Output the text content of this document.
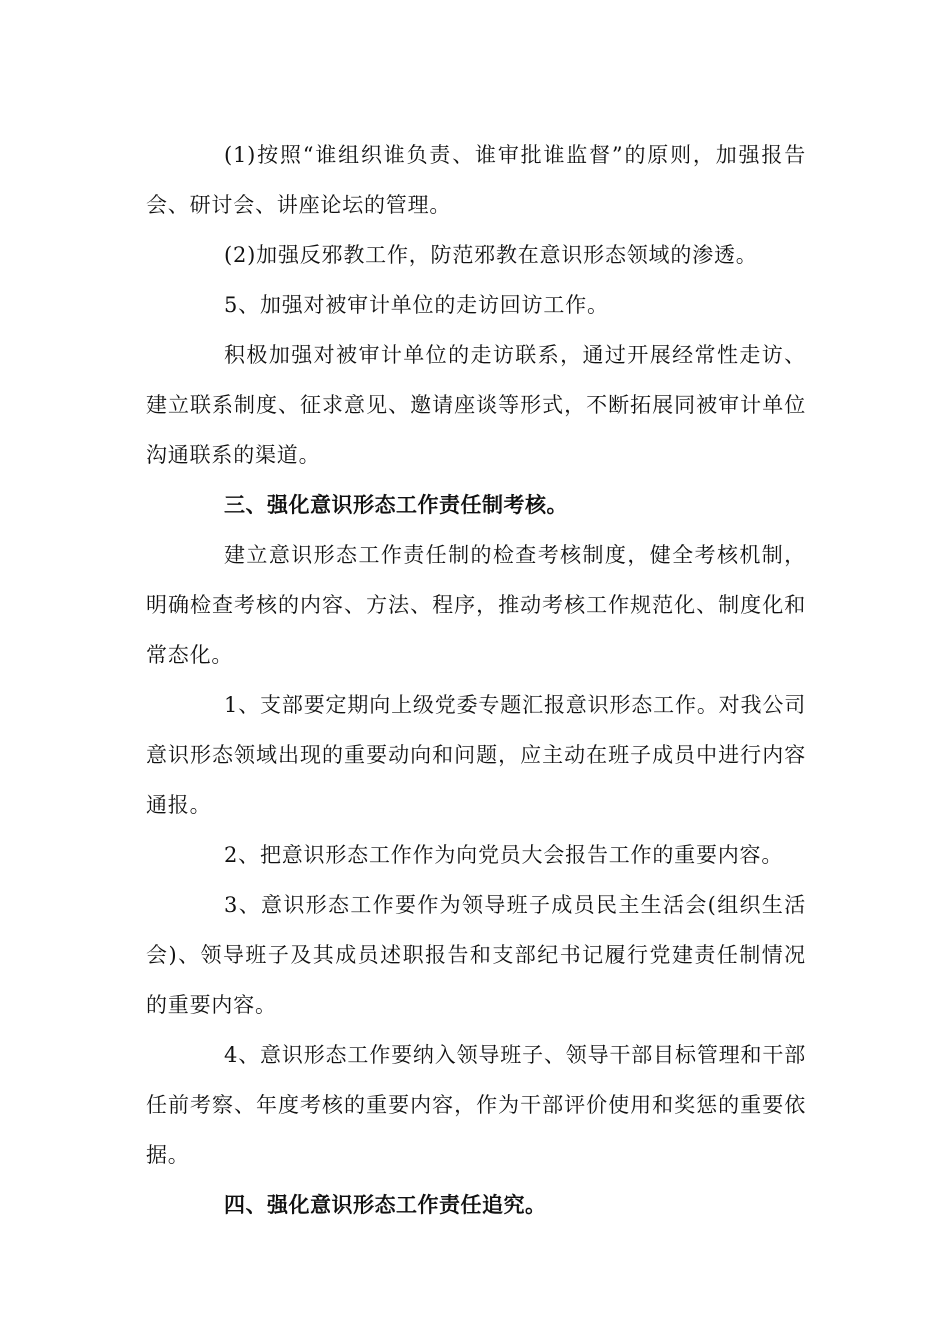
(1)按照“谁组织谁负责、谁审批谁监督”的原则，加强报告会、研讨会、讲座论坛的管理。

(2)加强反邪教工作，防范邪教在意识形态领域的渗透。

5、加强对被审计单位的走访回访工作。

积极加强对被审计单位的走访联系，通过开展经常性走访、建立联系制度、征求意见、邀请座谈等形式，不断拓展同被审计单位沟通联系的渠道。

三、强化意识形态工作责任制考核。

建立意识形态工作责任制的检查考核制度，健全考核机制，明确检查考核的内容、方法、程序，推动考核工作规范化、制度化和常态化。

1、支部要定期向上级党委专题汇报意识形态工作。对我公司意识形态领域出现的重要动向和问题，应主动在班子成员中进行内容通报。

2、把意识形态工作作为向党员大会报告工作的重要内容。

3、意识形态工作要作为领导班子成员民主生活会(组织生活会)、领导班子及其成员述职报告和支部纪书记履行党建责任制情况的重要内容。

4、意识形态工作要纳入领导班子、领导干部目标管理和干部任前考察、年度考核的重要内容，作为干部评价使用和奖惩的重要依据。

四、强化意识形态工作责任追究。
